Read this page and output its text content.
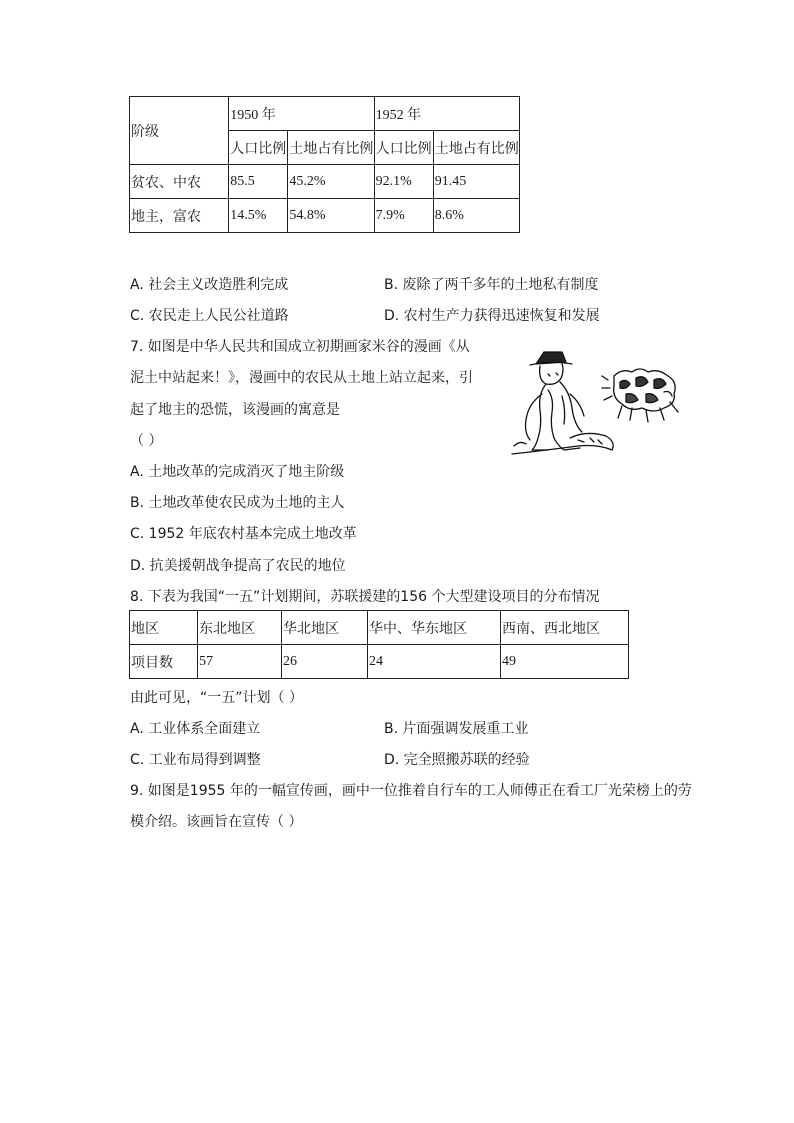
阶级	1950 年		1952 年	
	人口比例	土地占有比例	人口比例	土地占有比例
贫农、中农	85.5	45.2%	92.1%	91.45
地主，富农	14.5%	54.8%	7.9%	8.6%
A. 社会主义改造胜利完成	B. 废除了两千多年的土地私有制度
C. 农民走上人民公社道路	D. 农村生产力获得迅速恢复和发展
7. 如图是中华人民共和国成立初期画家米谷的漫画《从
泥土中站起来！》，漫画中的农民从土地上站立起来，引
起了地主的恐慌，该漫画的寓意是
（ ）
A. 土地改革的完成消灭了地主阶级
B. 土地改革使农民成为土地的主人
C. 1952 年底农村基本完成土地改革
D. 抗美援朝战争提高了农民的地位
8. 下表为我国“一五”计划期间，苏联援建的156 个大型建设项目的分布情况
地区	东北地区	华北地区	华中、华东地区	西南、西北地区
项目数	57	26	24	49
由此可见，“一五”计划（ ）
A. 工业体系全面建立	B. 片面强调发展重工业
C. 工业布局得到调整	D. 完全照搬苏联的经验
9. 如图是1955 年的一幅宣传画，画中一位推着自行车的工人师傅正在看工厂光荣榜上的劳
模介绍。该画旨在宣传（ ）
